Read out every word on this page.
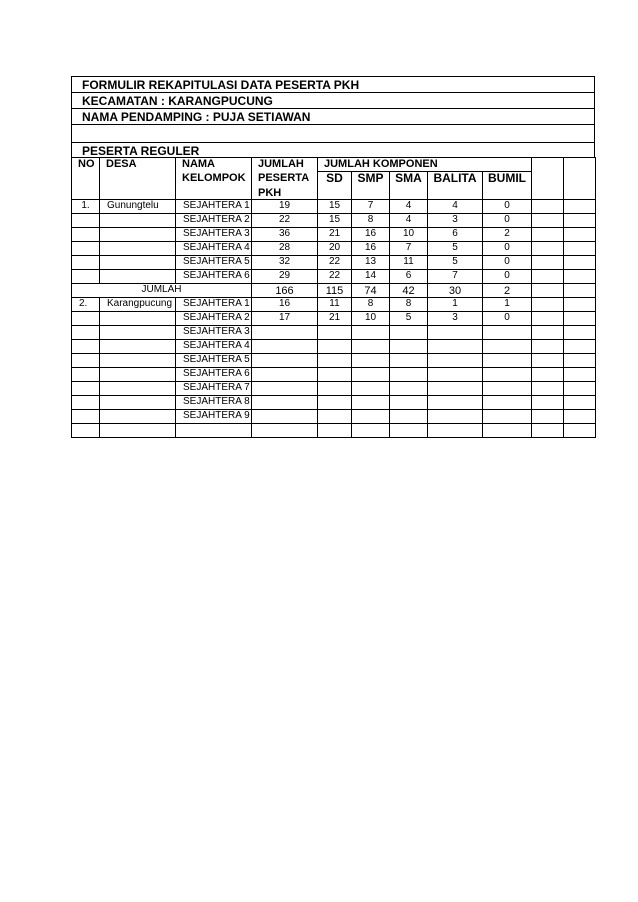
FORMULIR REKAPITULASI DATA PESERTA PKH
KECAMATAN : KARANGPUCUNG
NAMA PENDAMPING : PUJA SETIAWAN
PESERTA REGULER
NO	DESA	NAMA	JUMLAH	JUMLAH KOMPONEN						
		KELOMPOK	PESERTA	SD	SMP	SMA	BALITA	BUMIL		
			PKH							
1.	Gunungtelu	SEJAHTERA 1	19	15	7	4	4	0		
		SEJAHTERA 2	22	15	8	4	3	0		
		SEJAHTERA 3	36	21	16	10	6	2		
		SEJAHTERA 4	28	20	16	7	5	0		
		SEJAHTERA 5	32	22	13	11	5	0		
		SEJAHTERA 6	29	22	14	6	7	0		
JUMLAH			166	115	74	42	30	2		
2.	Karangpucung	SEJAHTERA 1	16	11	8	8	1	1		
		SEJAHTERA 2	17	21	10	5	3	0		
		SEJAHTERA 3								
		SEJAHTERA 4								
		SEJAHTERA 5								
		SEJAHTERA 6								
		SEJAHTERA 7								
		SEJAHTERA 8								
		SEJAHTERA 9								
